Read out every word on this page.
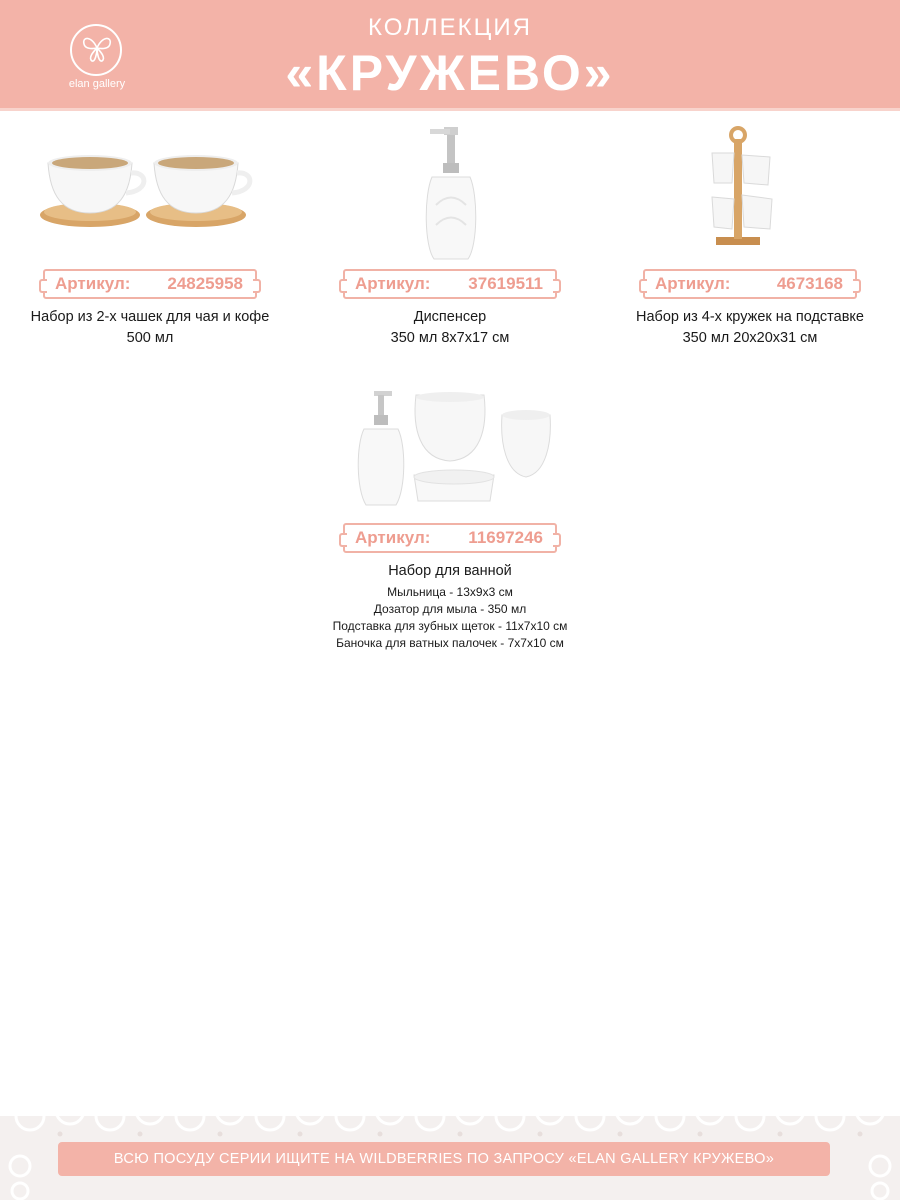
elan gallery
КОЛЛЕКЦИЯ
«КРУЖЕВО»
Артикул: 24825958
Набор из 2-х чашек для чая и кофе
500 мл
Артикул: 37619511
Диспенсер
350 мл 8х7х17 см
Артикул:	4673168
Набор из 4-х кружек на подставке
350 мл 20х20х31 см
Артикул: 11697246
Набор для ванной
Мыльница - 13х9х3 см
Дозатор для мыла - 350 мл
Подставка для зубных щеток - 11х7х10 см
Баночка для ватных палочек - 7х7х10 см
ВСЮ ПОСУДУ СЕРИИ ИЩИТЕ НА WILDBERRIES ПО ЗАПРОСУ «ELAN GALLERY КРУЖЕВО»
